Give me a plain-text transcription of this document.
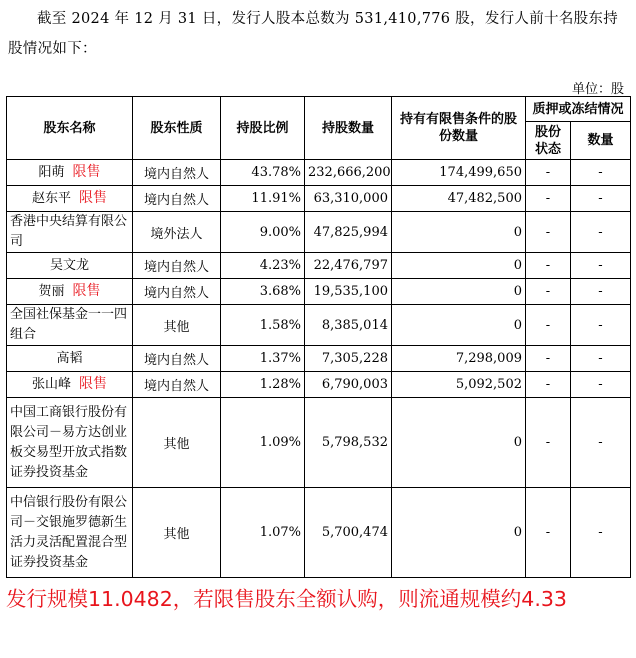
截至 2024 年 12 月 31 日，发行人股本总数为 531,410,776 股，发行人前十名股东持股情况如下：

单位：股
股东名称	股东性质	持股比例	持股数量	持有有限售条件的股份数量	质押或冻结情况	
					股份状态	数量

阳萌 限售	境内自然人	43.78%	232,666,200	174,499,650	-	-

赵东平 限售	境内自然人	11.91%	63,310,000	47,482,500	-	-

香港中央结算有限公司	境外法人	9.00%	47,825,994	0	-	-

吴文龙	境内自然人	4.23%	22,476,797	0	-	-

贺丽 限售	境内自然人	3.68%	19,535,100	0	-	-

全国社保基金一一四组合	其他	1.58%	8,385,014	0	-	-

高韬	境内自然人	1.37%	7,305,228	7,298,009	-	-

张山峰 限售	境内自然人	1.28%	6,790,003	5,092,502	-	-

中国工商银行股份有限公司－易方达创业板交易型开放式指数证券投资基金	其他	1.09%	5,798,532	0	-	-

中信银行股份有限公司－交银施罗德新生活力灵活配置混合型证券投资基金	其他	1.07%	5,700,474	0	-	-

发行规模11.0482，若限售股东全额认购，则流通规模约4.33
